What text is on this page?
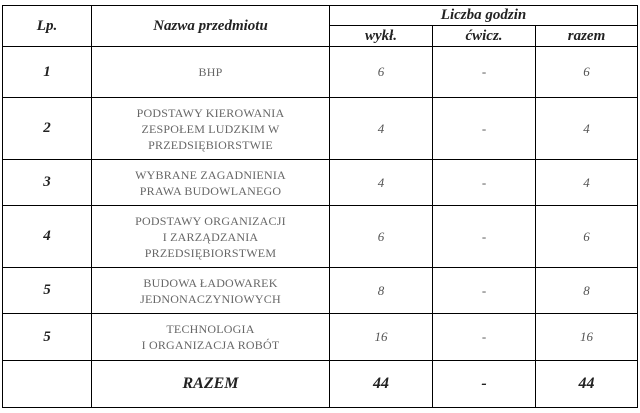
Lp.	Nazwa przedmiotu	Liczba godzin		
		wykł.	ćwicz.	razem
1	BHP	6	-	6
2	PODSTAWY KIEROWANIA
ZESPOŁEM LUDZKIM W
PRZEDSIĘBIORSTWIE	4	-	4
3	WYBRANE ZAGADNIENIA
PRAWA BUDOWLANEGO	4	-	4
4	PODSTAWY ORGANIZACJI
I ZARZĄDZANIA
PRZEDSIĘBIORSTWEM	6	-	6
5	BUDOWA ŁADOWAREK
JEDNONACZYNIOWYCH	8	-	8
5	TECHNOLOGIA
I ORGANIZACJA ROBÓT	16	-	16
	RAZEM	44	-	44
